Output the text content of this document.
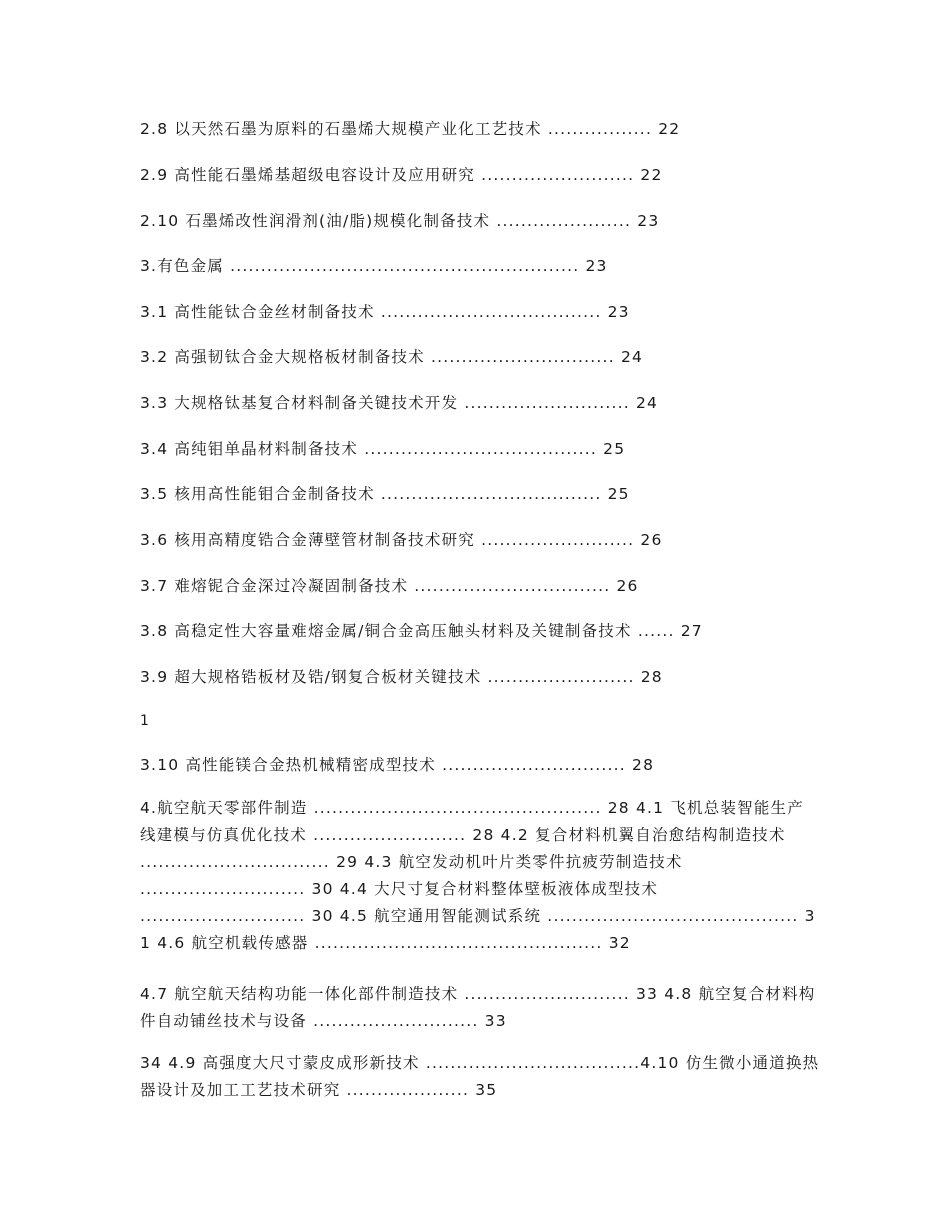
2.8 以天然石墨为原料的石墨烯大规模产业化工艺技术 ................. 22
2.9 高性能石墨烯基超级电容设计及应用研究 ......................... 22
2.10 石墨烯改性润滑剂(油/脂)规模化制备技术 ...................... 23
3.有色金属 ......................................................... 23
3.1 高性能钛合金丝材制备技术 .................................... 23
3.2 高强韧钛合金大规格板材制备技术 .............................. 24
3.3 大规格钛基复合材料制备关键技术开发 ........................... 24
3.4 高纯钼单晶材料制备技术 ...................................... 25
3.5 核用高性能钼合金制备技术 .................................... 25
3.6 核用高精度锆合金薄壁管材制备技术研究 ......................... 26
3.7 难熔铌合金深过冷凝固制备技术 ................................ 26
3.8 高稳定性大容量难熔金属/铜合金高压触头材料及关键制备技术 ...... 27
3.9 超大规格锆板材及锆/钢复合板材关键技术 ........................ 28
1
3.10 高性能镁合金热机械精密成型技术 .............................. 28
4.航空航天零部件制造 ............................................... 28 4.1 飞机总装智能生产线建模与仿真优化技术 ......................... 28 4.2 复合材料机翼自治愈结构制造技术 ............................... 29 4.3 航空发动机叶片类零件抗疲劳制造技术 ........................... 30 4.4 大尺寸复合材料整体壁板液体成型技术 ........................... 30 4.5 航空通用智能测试系统 ......................................... 31 4.6 航空机载传感器 ............................................... 32
4.7 航空航天结构功能一体化部件制造技术 ........................... 33 4.8 航空复合材料构件自动铺丝技术与设备 ........................... 33
34 4.9 高强度大尺寸蒙皮成形新技术 ...................................4.10 仿生微小通道换热器设计及加工工艺技术研究 .................... 35
